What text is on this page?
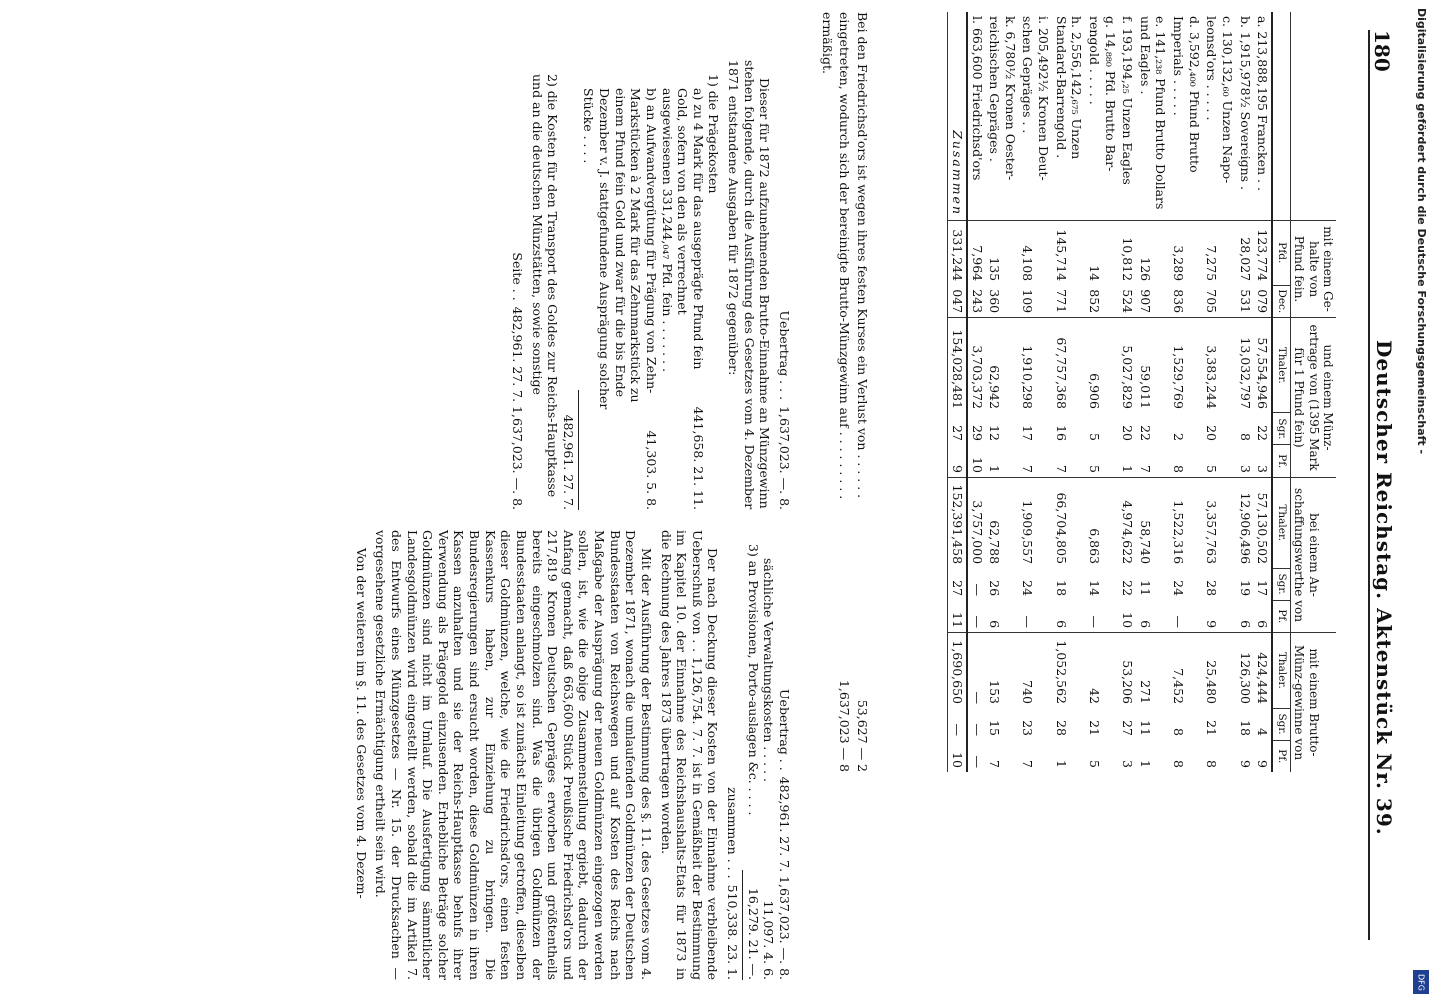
180
Deutscher Reichstag. Aktenstück Nr. 39.
	mit einem Ge-halte von Pfund fein.		und einem Münz-ertrage von (1395 Mark für 1 Pfund fein)			bei einem An-schaffungswerthe von			mit einem Brutto-Münz-gewinne von		
	Pfd.	Dec.	Thaler.	Sgr.	Pf.	Thaler.	Sgr.	Pf.	Thaler.	Sgr.	Pf.
a. 213,888,195 Francken . .	123,774	079	57,554,946	22	3	57,130,502	17	6	424,444	4	9
b. 1,915,978½ Sovereigns .	28,027	531	13,032,797	8	3	12,906,496	19	6	126,300	18	9
c. 130,132,₆₀ Unzen Napo-leonsd'ors . . . . .	7,275	705	3,383,244	20	5	3,357,763	28	9	25,480	21	8
d. 3,592,₄₀₀ Pfund Brutto Imperials . . . . .	3,289	836	1,529,769	2	8	1,522,316	24	—	7,452	8	8
e. 141,₂₃₈ Pfund Brutto Dollars und Eagles .	126	907	59,011	22	7	58,740	11	6	271	11	1
f. 193,194,₂₅ Unzen Eagles	10,812	524	5,027,829	20	1	4,974,622	22	10	53,206	27	3
g. 14,₈₈₀ Pfd. Brutto Bar-rengold . . . . .	14	852	6,906	5	5	6,863	14	—	42	21	5
h. 2,556,142,₆₇₅ Unzen Standard-Barrengold .	145,714	771	67,757,368	16	7	66,704,805	18	6	1,052,562	28	1
i. 205,492½ Kronen Deut-schen Gepräges . .	4,108	109	1,910,298	17	7	1,909,557	24	—	740	23	7
k. 6,780½ Kronen Oester-reichischen Gepräges .	135	360	62,942	12	1	62,788	26	6	153	15	7
l. 663,600 Friedrichsd'ors	7,964	243	3,703,372	29	10	3,757,000	—	—	—	—	—
Zusammen	331,244	047	154,028,481	27	9	152,391,458	27	11	1,690,650	—	10

Bei den Friedrichsd'ors ist wegen ihres festen Kurses ein Verlust von . . . . . .
53,627 — 2

eingetreten, wodurch sich der bereinigte Brutto-Münzgewinn auf . . . . . . . . .
1,637,023 — 8

ermäßigt.

Uebertrag . . .
1,637,023. —. 8.

Dieser für 1872 aufzunehmenden Brutto-Einnahme an Münzgewinn stehen folgende, durch die Ausführung des Gesetzes vom 4. Dezember 1871 entstandene Ausgaben für 1872 gegenüber:

1) die Prägekosten
a) zu 4 Mark für das ausgeprägte Pfund fein Gold, sofern von den als verrechnet ausgewiesenen 331,244,₀₄₇ Pfd. fein . . . . . . .
441,658. 21. 11.
b) an Aufwandvergütung für Prägung von Zehn-Markstücken à 2 Mark für das Zehnmarkstück zu einem Pfund fein Gold und zwar für die bis Ende Dezember v. J. stattgefundene Ausprägung solcher Stücke . . . .
41,303. 5. 8.
482,961. 27. 7.
2) die Kosten für den Transport des Goldes zur Reichs-Hauptkasse und an die deutschen Münzstätten, sowie sonstige
Seite . .
482,961. 27. 7. 1,637,023. —. 8.
Uebertrag . .
482,961. 27. 7. 1,637,023. —. 8.
sächliche Verwaltungskosten . . . . .
11,097. 4. 6.
3) an Provisionen, Porto-auslagen &c. . . . .
16,279. 21. —.
zusammen . . .
510,338. 23. 1.

Der nach Deckung dieser Kosten von der Einnahme verbleibende Ueberschuß von . . 1,126,754. 7. 7. ist in Gemäßheit der Bestimmung im Kapitel 10. der Einnahme des Reichshaushalts-Etats für 1873 in die Rechnung des Jahres 1873 übertragen worden.

Mit der Ausführung der Bestimmung des §. 11. des Gesetzes vom 4. Dezember 1871, wonach die umlaufenden Goldmünzen der Deutschen Bundesstaaten von Reichswegen und auf Kosten des Reichs nach Maßgabe der Ausprägung der neuen Goldmünzen eingezogen werden sollen, ist, wie die obige Zusammenstellung ergiebt, dadurch der Anfang gemacht, daß 663,600 Stück Preußische Friedrichsd'ors und 217,819 Kronen Deutschen Gepräges erworben und größtentheils bereits eingeschmolzen sind. Was die übrigen Goldmünzen der Bundesstaaten anlangt, so ist zunächst Einleitung getroffen, dieselben dieser Goldmünzen, welche, wie die Friedrichsd'ors, einen festen Kassenkurs haben, zur Einziehung zu bringen. Die Bundesregierungen sind ersucht worden, diese Goldmünzen in ihren Kassen anzuhalten und sie der Reichs-Hauptkasse behufs ihrer Verwendung als Prägegold einzusenden. Erhebliche Beträge solcher Goldmünzen sind nicht im Umlauf. Die Ausfertigung sämmtlicher Landesgoldmünzen wird eingestellt werden, sobald die im Artikel 7. des Entwurfs eines Münzgesetzes — Nr. 15. der Drucksachen — vorgesehene gesetzliche Ermächtigung ertheilt sein wird.

Von der weiteren im §. 11. des Gesetzes vom 4. Dezem-

Digitalisierung gefördert durch die Deutsche Forschungsgemeinschaft -
DFG
